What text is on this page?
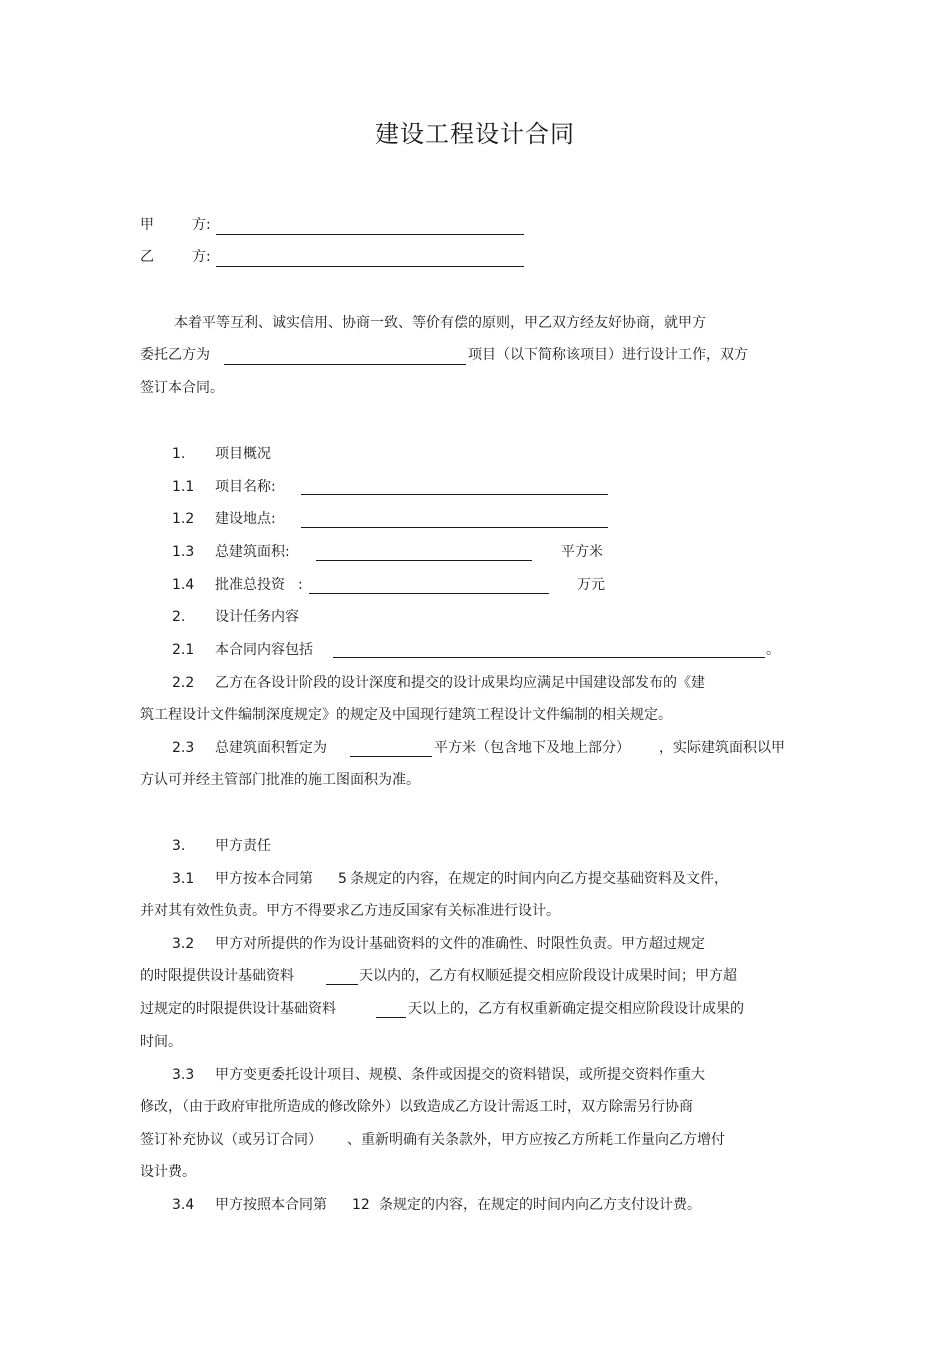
建设工程设计合同
甲	方:
乙	方:
本着平等互利、诚实信用、协商一致、等价有偿的原则，甲乙双方经友好协商，就甲方
委托乙方为	项目（以下简称该项目）进行设计工作，双方
签订本合同。
1. 项目概况
1.1 项目名称:
1.2 建设地点:
1.3 总建筑面积:	平方米
1.4 批准总投资 :	万元
2. 设计任务内容
2.1 本合同内容包括	。
2.2 乙方在各设计阶段的设计深度和提交的设计成果均应满足中国建设部发布的《建
筑工程设计文件编制深度规定》的规定及中国现行建筑工程设计文件编制的相关规定。
2.3 总建筑面积暂定为	平方米（包含地下及地上部分） ，实际建筑面积以甲
方认可并经主管部门批准的施工图面积为准。
3. 甲方责任
3.1 甲方按本合同第 5 条规定的内容，在规定的时间内向乙方提交基础资料及文件，
并对其有效性负责。甲方不得要求乙方违反国家有关标准进行设计。
3.2 甲方对所提供的作为设计基础资料的文件的准确性、时限性负责。甲方超过规定
的时限提供设计基础资料	天以内的，乙方有权顺延提交相应阶段设计成果时间；甲方超
过规定的时限提供设计基础资料	天以上的，乙方有权重新确定提交相应阶段设计成果的
时间。
3.3 甲方变更委托设计项目、规模、条件或因提交的资料错误，或所提交资料作重大
修改，（由于政府审批所造成的修改除外）以致造成乙方设计需返工时，双方除需另行协商
签订补充协议（或另订合同） 、重新明确有关条款外，甲方应按乙方所耗工作量向乙方增付
设计费。
3.4 甲方按照本合同第 12 条规定的内容，在规定的时间内向乙方支付设计费。
